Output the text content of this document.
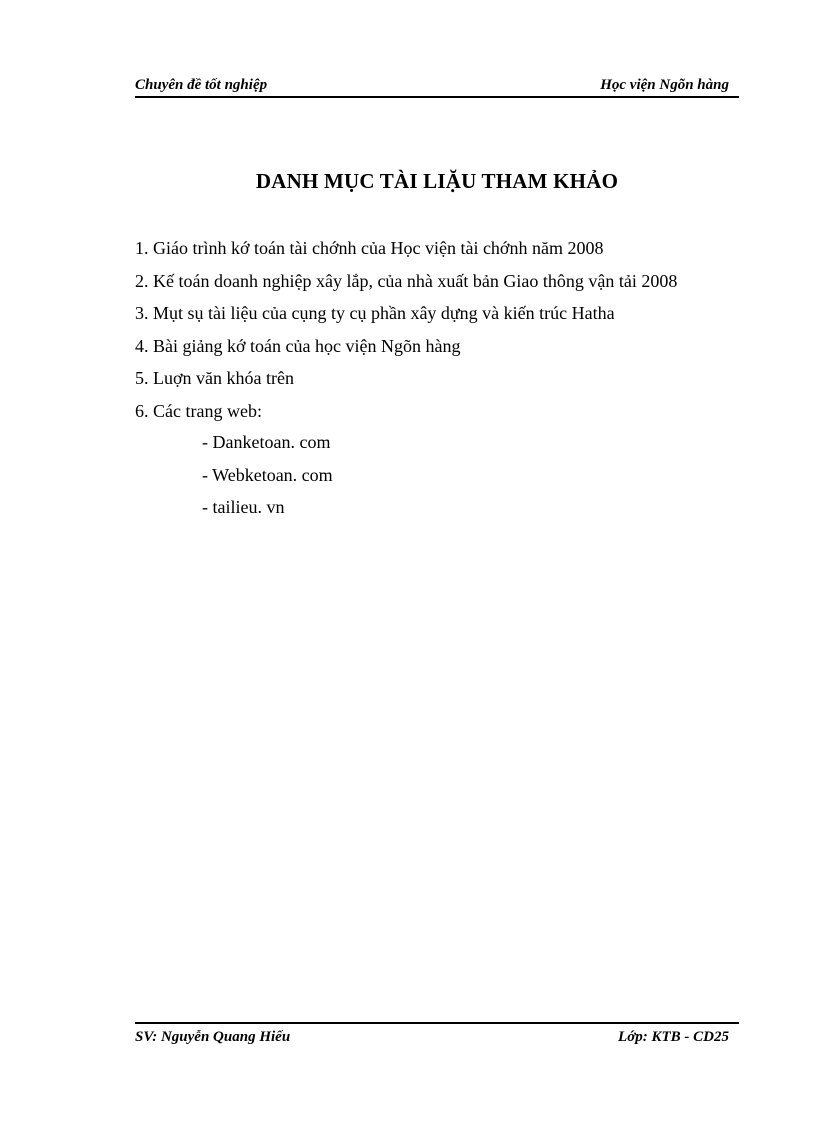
Chuyên đề tốt nghiệp	Học viện Ngõn hàng
DANH MỤC TÀI LIẶU THAM KHẢO
1. Giáo trình kớ toán tài chớnh của Học viện tài chớnh năm 2008
2. Kế toán doanh nghiệp xây lắp, của nhà xuất bản Giao thông vận tải 2008
3. Mụt sụ tài liệu của cụng ty cụ phần xây dựng và kiến trúc Hatha
4. Bài giảng kớ toán của học viện Ngõn hàng
5. Luợn văn khóa trên
6. Các trang web:
- Danketoan. com
- Webketoan. com
- tailieu. vn
SV: Nguyễn Quang Hiếu	Lớp: KTB - CD25
